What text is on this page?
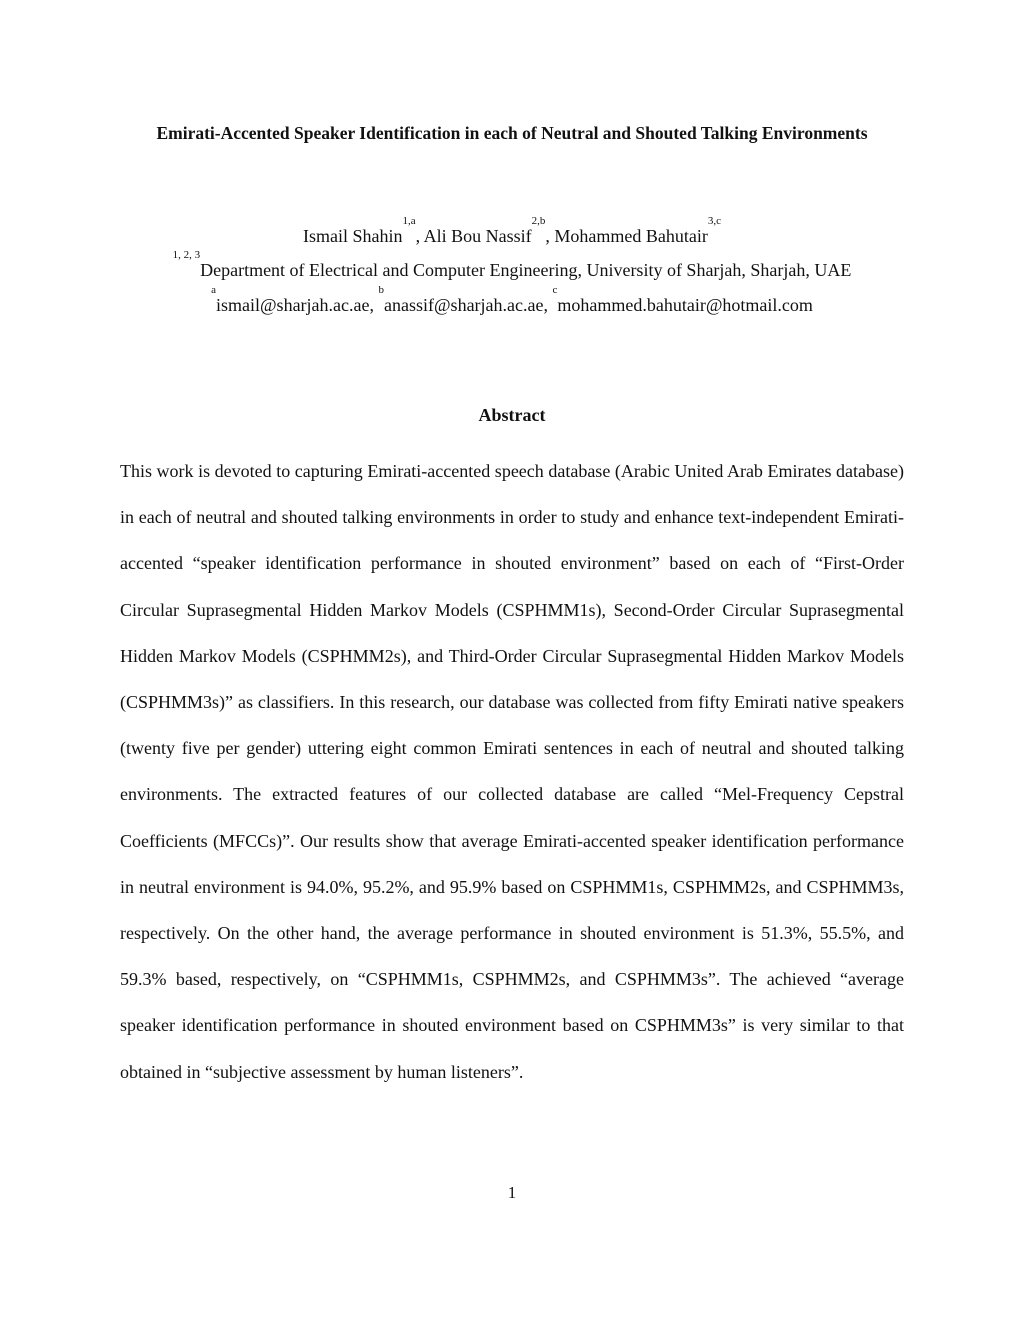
Emirati-Accented Speaker Identification in each of Neutral and Shouted Talking Environments
Ismail Shahin$^{1,a}$, Ali Bou Nassif$^{2,b}$, Mohammed Bahutair$^{3,c}$
$^{1, 2, 3}$Department of Electrical and Computer Engineering, University of Sharjah, Sharjah, UAE
$^a$ismail@sharjah.ac.ae, $^b$anassif@sharjah.ac.ae, $^c$mohammed.bahutair@hotmail.com
Abstract

This work is devoted to capturing Emirati-accented speech database (Arabic United Arab Emirates database) in each of neutral and shouted talking environments in order to study and enhance text-independent Emirati-accented “speaker identification performance in shouted environment” based on each of “First-Order Circular Suprasegmental Hidden Markov Models (CSPHMM1s), Second-Order Circular Suprasegmental Hidden Markov Models (CSPHMM2s), and Third-Order Circular Suprasegmental Hidden Markov Models (CSPHMM3s)” as classifiers. In this research, our database was collected from fifty Emirati native speakers (twenty five per gender) uttering eight common Emirati sentences in each of neutral and shouted talking environments. The extracted features of our collected database are called “Mel-Frequency Cepstral Coefficients (MFCCs)”. Our results show that average Emirati-accented speaker identification performance in neutral environment is 94.0%, 95.2%, and 95.9% based on CSPHMM1s, CSPHMM2s, and CSPHMM3s, respectively. On the other hand, the average performance in shouted environment is 51.3%, 55.5%, and 59.3% based, respectively, on “CSPHMM1s, CSPHMM2s, and CSPHMM3s”. The achieved “average speaker identification performance in shouted environment based on CSPHMM3s” is very similar to that obtained in “subjective assessment by human listeners”.

1
